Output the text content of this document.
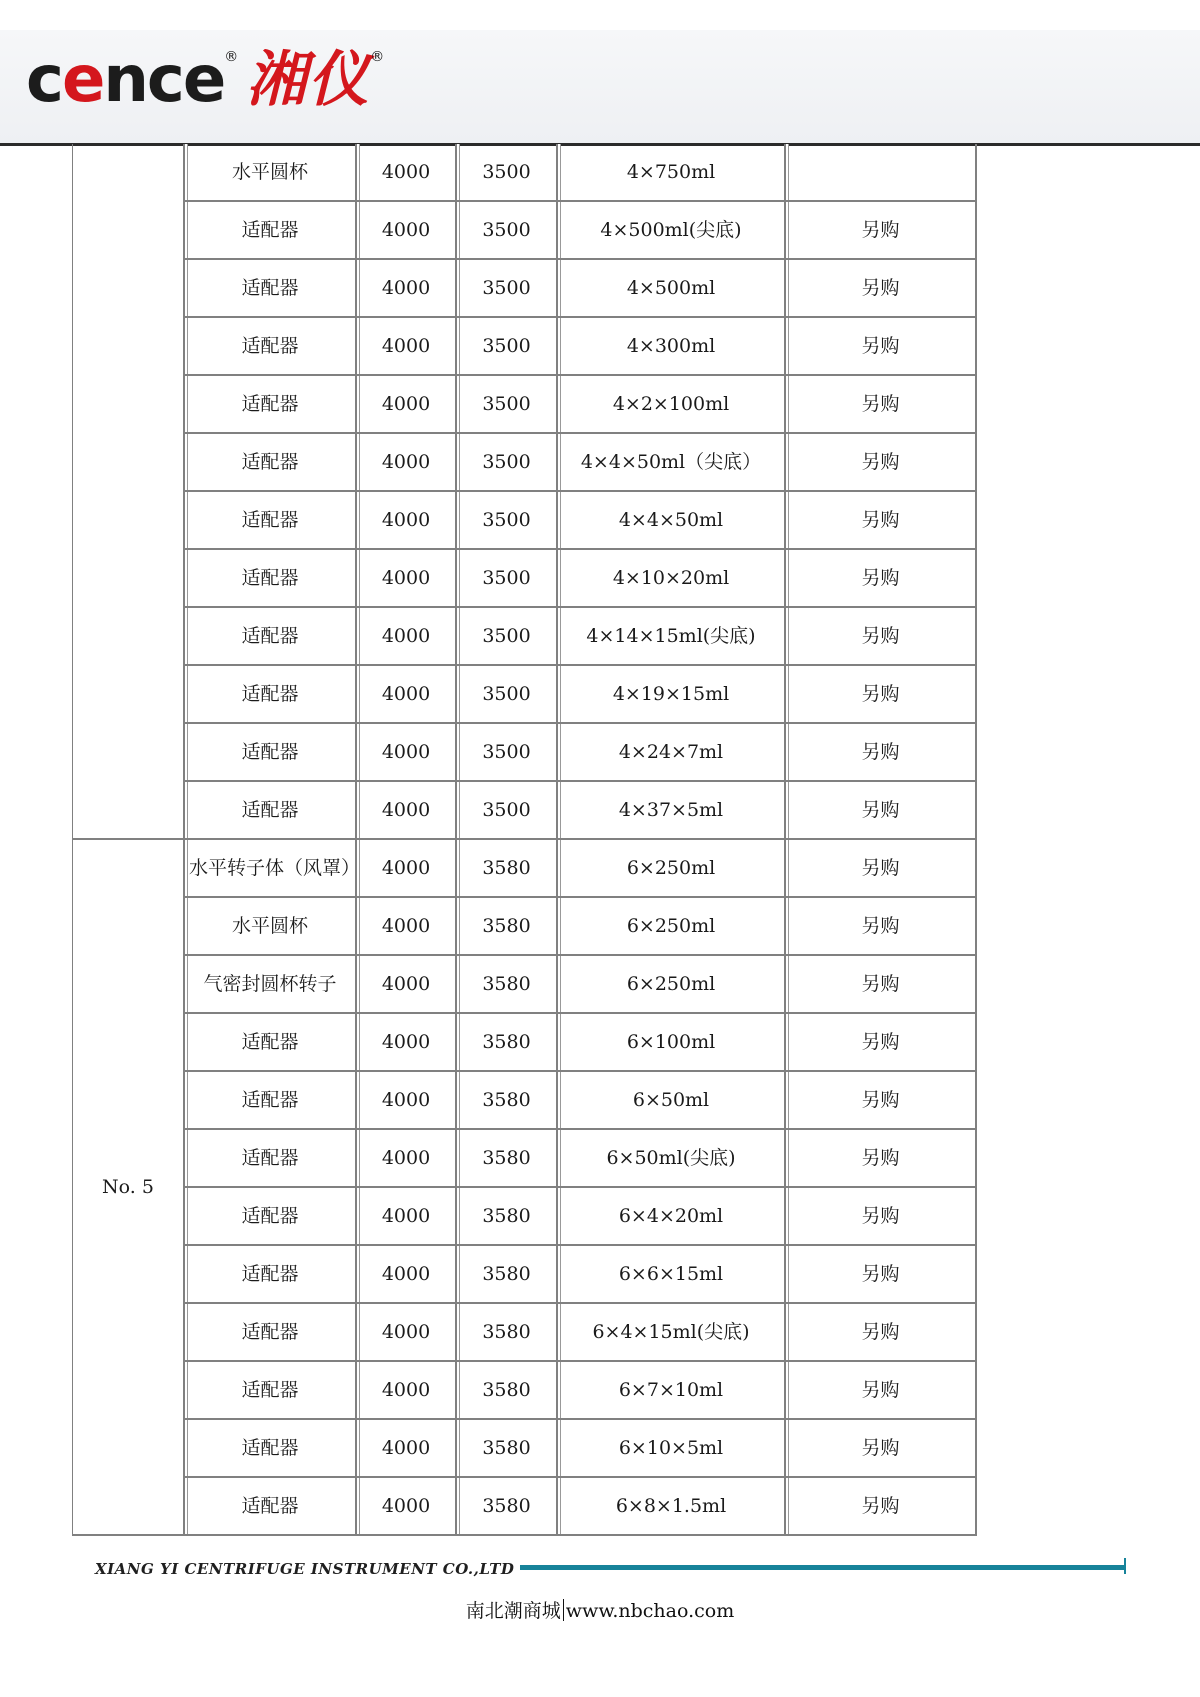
cence ® 湘仪 ®
	水平圆杯	4000	3500	4×750ml	
	适配器	4000	3500	4×500ml(尖底)	另购
	适配器	4000	3500	4×500ml	另购
	适配器	4000	3500	4×300ml	另购
	适配器	4000	3500	4×2×100ml	另购
	适配器	4000	3500	4×4×50ml（尖底）	另购
	适配器	4000	3500	4×4×50ml	另购
	适配器	4000	3500	4×10×20ml	另购
	适配器	4000	3500	4×14×15ml(尖底)	另购
	适配器	4000	3500	4×19×15ml	另购
	适配器	4000	3500	4×24×7ml	另购
	适配器	4000	3500	4×37×5ml	另购
No. 5	水平转子体（风罩）	4000	3580	6×250ml	另购
	水平圆杯	4000	3580	6×250ml	另购
	气密封圆杯转子	4000	3580	6×250ml	另购
	适配器	4000	3580	6×100ml	另购
	适配器	4000	3580	6×50ml	另购
	适配器	4000	3580	6×50ml(尖底)	另购
	适配器	4000	3580	6×4×20ml	另购
	适配器	4000	3580	6×6×15ml	另购
	适配器	4000	3580	6×4×15ml(尖底)	另购
	适配器	4000	3580	6×7×10ml	另购
	适配器	4000	3580	6×10×5ml	另购
	适配器	4000	3580	6×8×1.5ml	另购
XIANG YI CENTRIFUGE INSTRUMENT CO.,LTD
南北潮商城 www.nbchao.com
